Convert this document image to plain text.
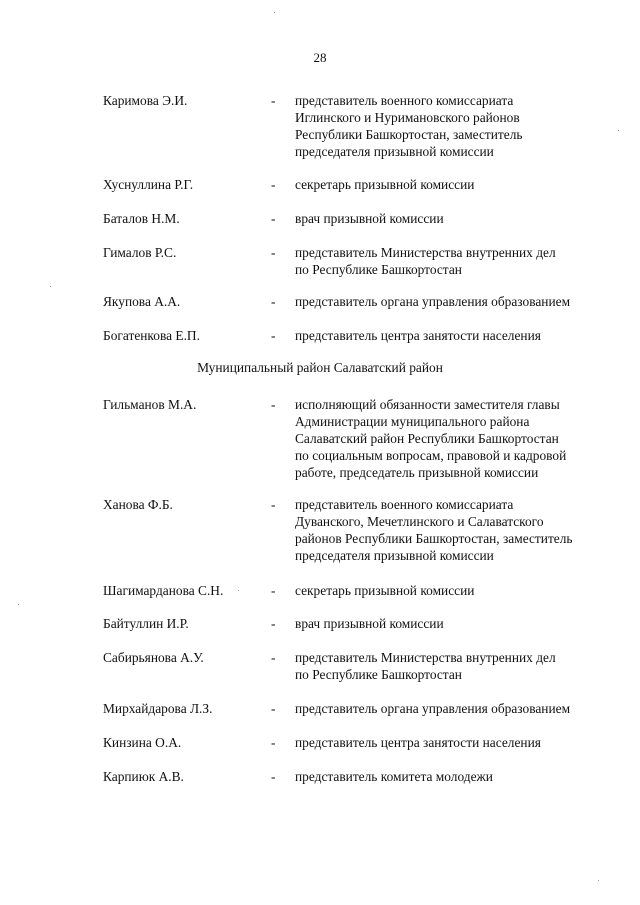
28
Каримова Э.И.	- представитель военного комиссариата
Иглинского и Нуримановского районов
Республики Башкортостан, заместитель
председателя призывной комиссии
Хуснуллина Р.Г.	- секретарь призывной комиссии
Баталов Н.М.	- врач призывной комиссии
Гималов Р.С.	- представитель Министерства внутренних дел
по Республике Башкортостан
Якупова А.А.	- представитель органа управления образованием
Богатенкова Е.П.	- представитель центра занятости населения
Муниципальный район Салаватский район
Гильманов М.А.	- исполняющий обязанности заместителя главы
Администрации муниципального района
Салаватский район Республики Башкортостан
по социальным вопросам, правовой и кадровой
работе, председатель призывной комиссии
Ханова Ф.Б.	- представитель военного комиссариата
Дуванского, Мечетлинского и Салаватского
районов Республики Башкортостан, заместитель
председателя призывной комиссии
Шагимарданова С.Н.	- секретарь призывной комиссии
Байтуллин И.Р.	- врач призывной комиссии
Сабирьянова А.У.	- представитель Министерства внутренних дел
по Республике Башкортостан
Мирхайдарова Л.З.	- представитель органа управления образованием
Кинзина О.А.	- представитель центра занятости населения
Карпиюк А.В.	- представитель комитета молодежи
